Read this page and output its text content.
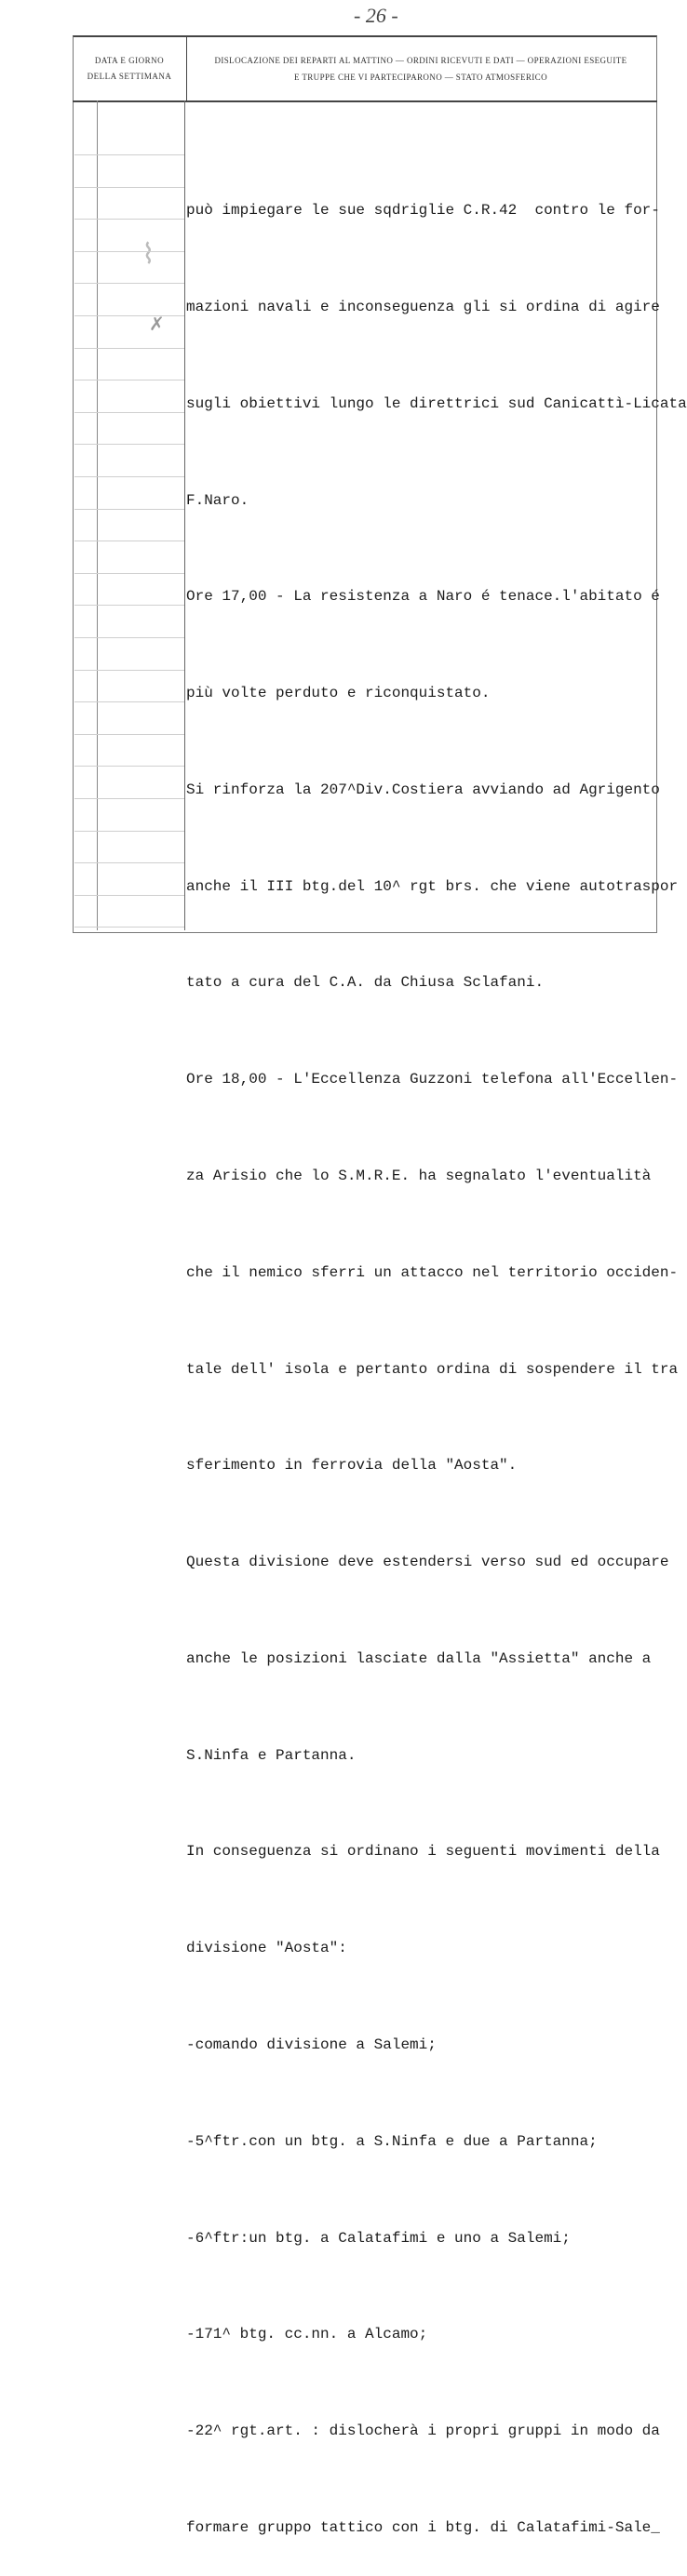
- 26 -
DATA E GIORNO
DELLA SETTIMANA
DISLOCAZIONE DEI REPARTI AL MATTINO — ORDINI RICEVUTI E DATI — OPERAZIONI ESEGUITE
E TRUPPE CHE VI PARTECIPARONO — STATO ATMOSFERICO
⌇
✗

può impiegare le sue sqdriglie C.R.42  contro le for-

mazioni navali e inconseguenza gli si ordina di agire

sugli obiettivi lungo le direttrici sud Canicattì-Licata

F.Naro.

Ore 17,00 - La resistenza a Naro é tenace.l'abitato é

più volte perduto e riconquistato.

Si rinforza la 207^Div.Costiera avviando ad Agrigento

anche il III btg.del 10^ rgt brs. che viene autotraspor

tato a cura del C.A. da Chiusa Sclafani.

Ore 18,00 - L'Eccellenza Guzzoni telefona all'Eccellen-

za Arisio che lo S.M.R.E. ha segnalato l'eventualità

che il nemico sferri un attacco nel territorio occiden-

tale dell' isola e pertanto ordina di sospendere il tra

sferimento in ferrovia della "Aosta".

Questa divisione deve estendersi verso sud ed occupare

anche le posizioni lasciate dalla "Assietta" anche a

S.Ninfa e Partanna.

In conseguenza si ordinano i seguenti movimenti della

divisione "Aosta":

-comando divisione a Salemi;

-5^ftr.con un btg. a S.Ninfa e due a Partanna;

-6^ftr:un btg. a Calatafimi e uno a Salemi;

-171^ btg. cc.nn. a Alcamo;

-22^ rgt.art. : dislocherà i propri gruppi in modo da

formare gruppo tattico con i btg. di Calatafimi-Sale_
